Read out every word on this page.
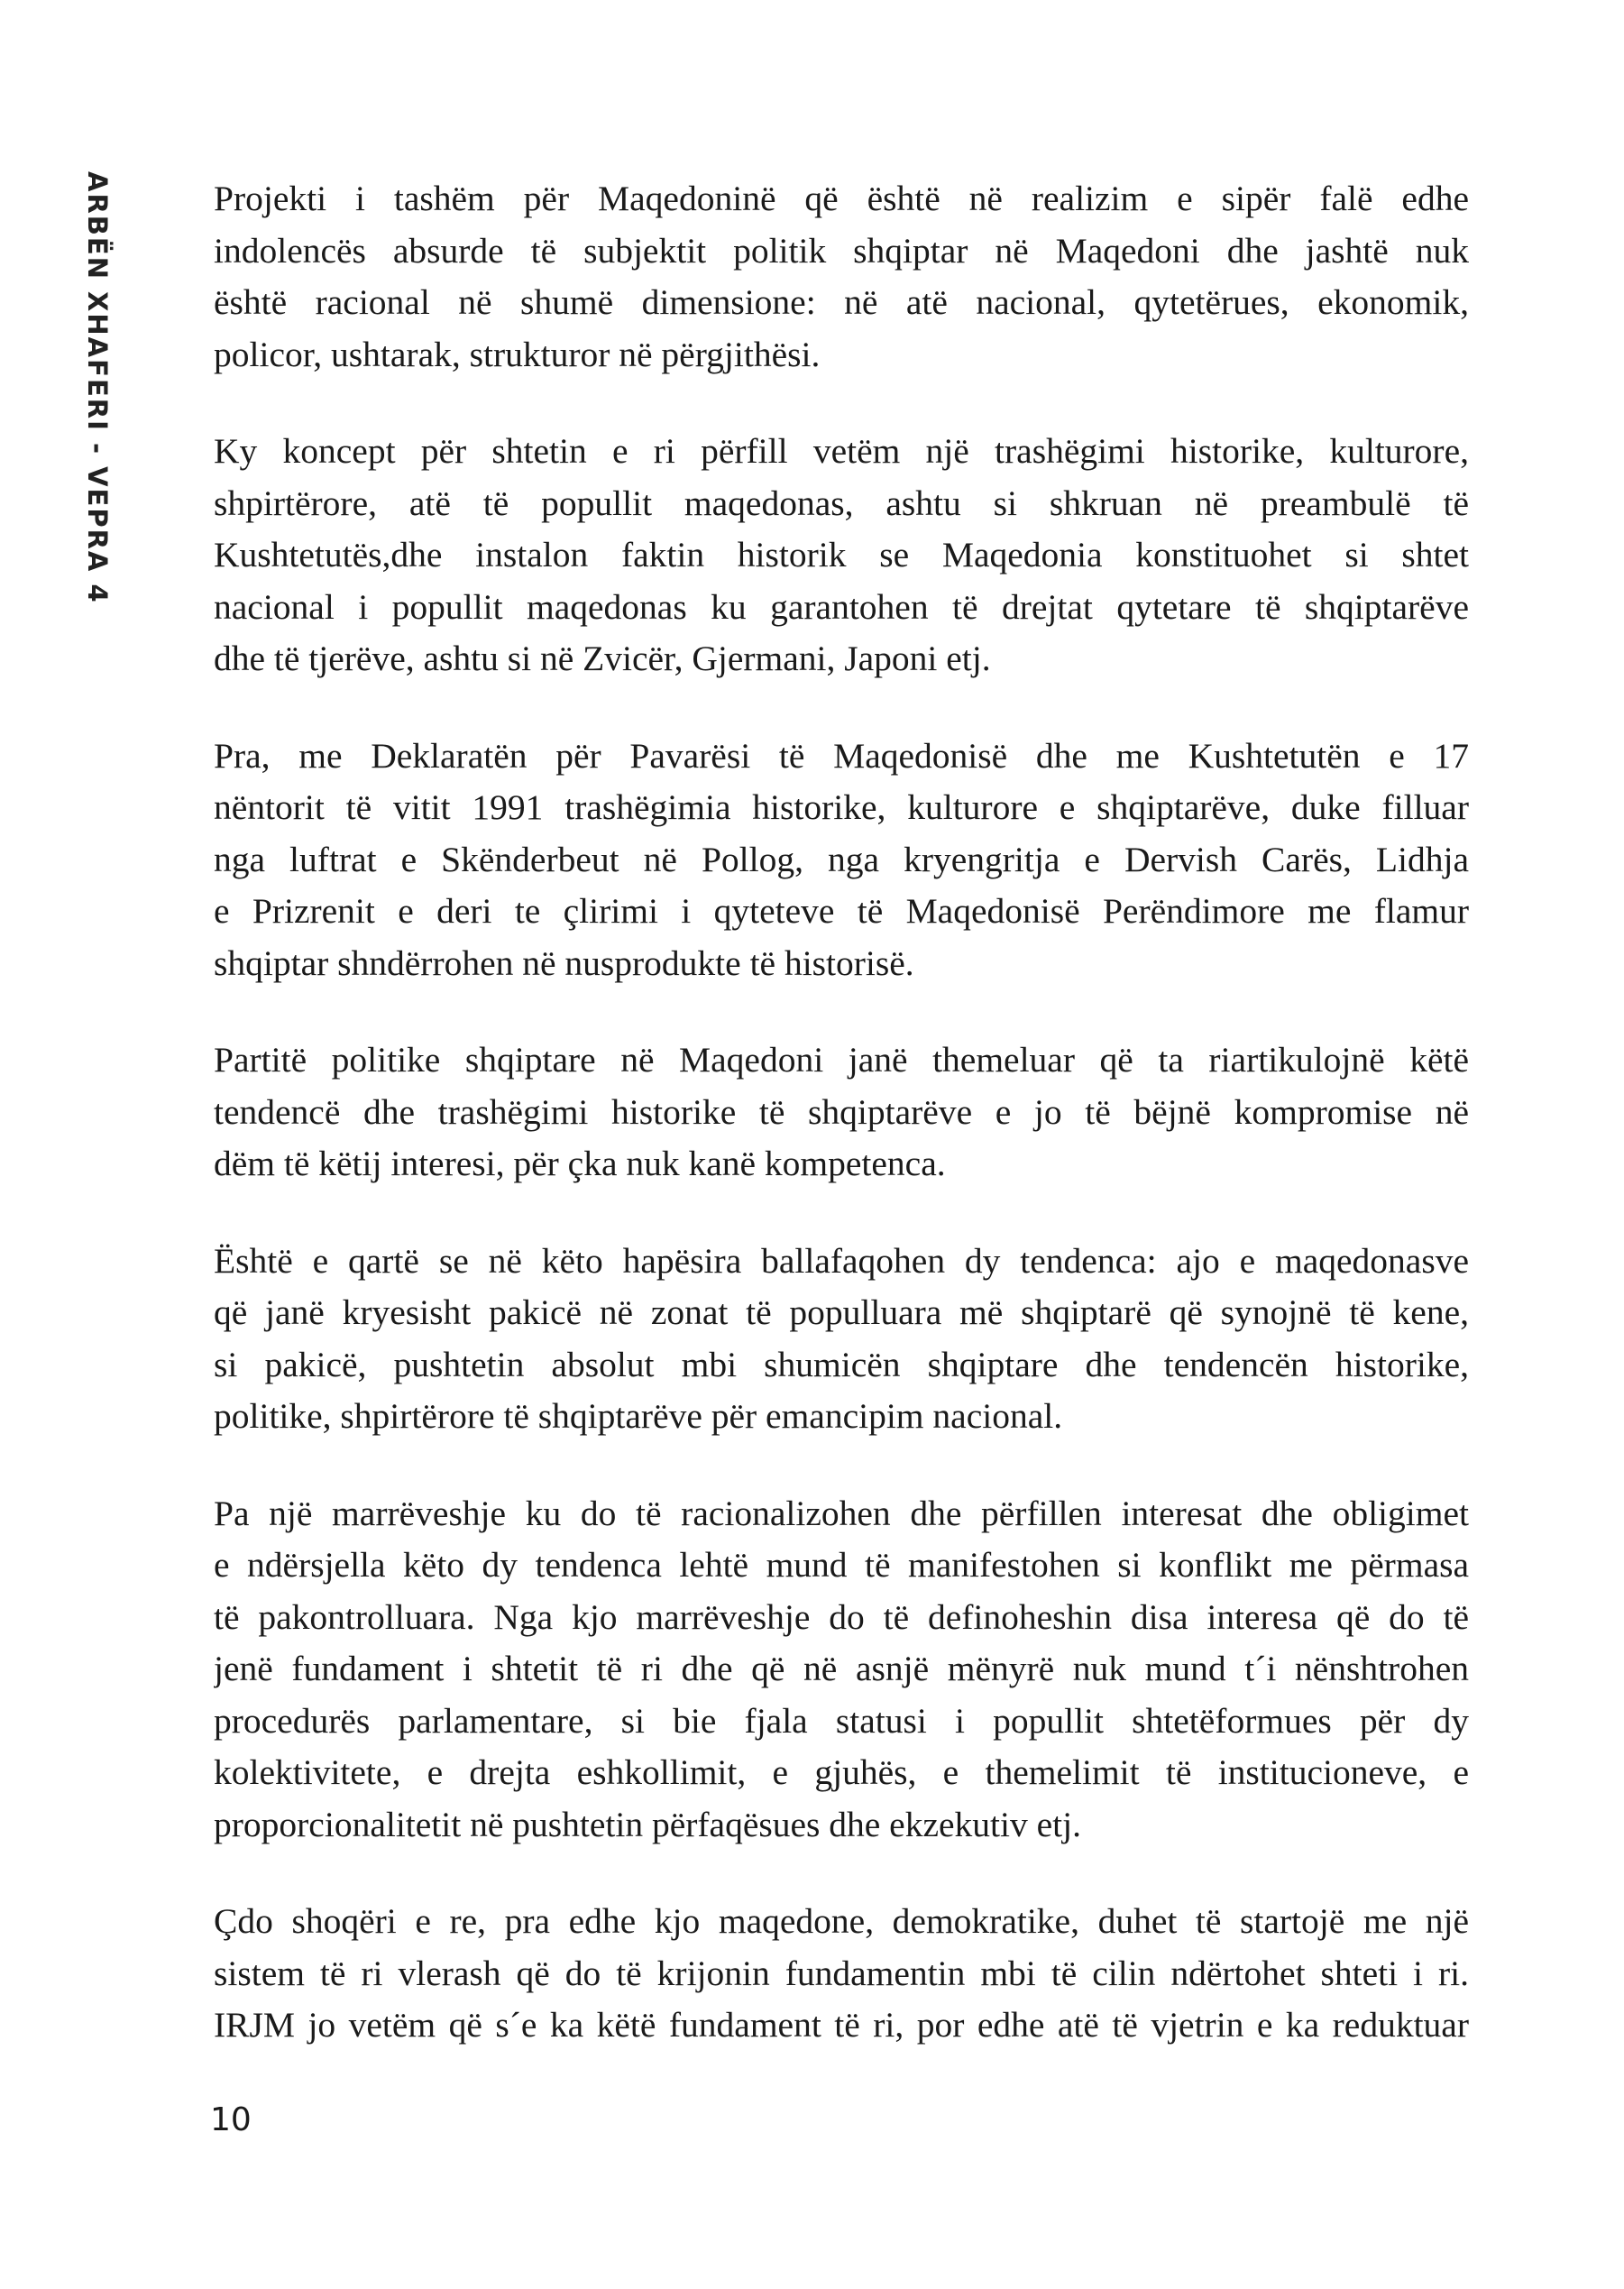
ARBËN XHAFERI - VEPRA 4	Projekti i tashëm për Maqedoninë që është në realizim e sipër falë edhe
indolencës absurde të subjektit politik shqiptar në Maqedoni dhe jashtë nuk
është racional në shumë dimensione: në atë nacional, qytetërues, ekonomik,
policor, ushtarak, strukturor në përgjithësi.
Ky koncept për shtetin e ri përfill vetëm një trashëgimi historike, kulturore,
shpirtërore, atë të popullit maqedonas, ashtu si shkruan në preambulë të
Kushtetutës,dhe instalon faktin historik se Maqedonia konstituohet si shtet
nacional i popullit maqedonas ku garantohen të drejtat qytetare të shqiptarëve
dhe të tjerëve, ashtu si në Zvicër, Gjermani, Japoni etj.
Pra, me Deklaratën për Pavarësi të Maqedonisë dhe me Kushtetutën e 17
nëntorit të vitit 1991 trashëgimia historike, kulturore e shqiptarëve, duke filluar
nga luftrat e Skënderbeut në Pollog, nga kryengritja e Dervish Carës, Lidhja
e Prizrenit e deri te çlirimi i qyteteve të Maqedonisë Perëndimore me flamur
shqiptar shndërrohen në nusprodukte të historisë.
Partitë politike shqiptare në Maqedoni janë themeluar që ta riartikulojnë këtë
tendencë dhe trashëgimi historike të shqiptarëve e jo të bëjnë kompromise në
dëm të këtij interesi, për çka nuk kanë kompetenca.
Është e qartë se në këto hapësira ballafaqohen dy tendenca: ajo e maqedonasve
që janë kryesisht pakicë në zonat të populluara më shqiptarë që synojnë të kene,
si pakicë, pushtetin absolut mbi shumicën shqiptare dhe tendencën historike,
politike, shpirtërore të shqiptarëve për emancipim nacional.
Pa një marrëveshje ku do të racionalizohen dhe përfillen interesat dhe obligimet
e ndërsjella këto dy tendenca lehtë mund të manifestohen si konflikt me përmasa
të pakontrolluara. Nga kjo marrëveshje do të definoheshin disa interesa që do të
jenë fundament i shtetit të ri dhe që në asnjë mënyrë nuk mund t´i nënshtrohen
procedurës parlamentare, si bie fjala statusi i popullit shtetëformues për dy
kolektivitete, e drejta eshkollimit, e gjuhës, e themelimit të institucioneve, e
proporcionalitetit në pushtetin përfaqësues dhe ekzekutiv etj.
Çdo shoqëri e re, pra edhe kjo maqedone, demokratike, duhet të startojë me një
sistem të ri vlerash që do të krijonin fundamentin mbi të cilin ndërtohet shteti i ri.
IRJM jo vetëm që s´e ka këtë fundament të ri, por edhe atë të vjetrin e ka reduktuar
10
